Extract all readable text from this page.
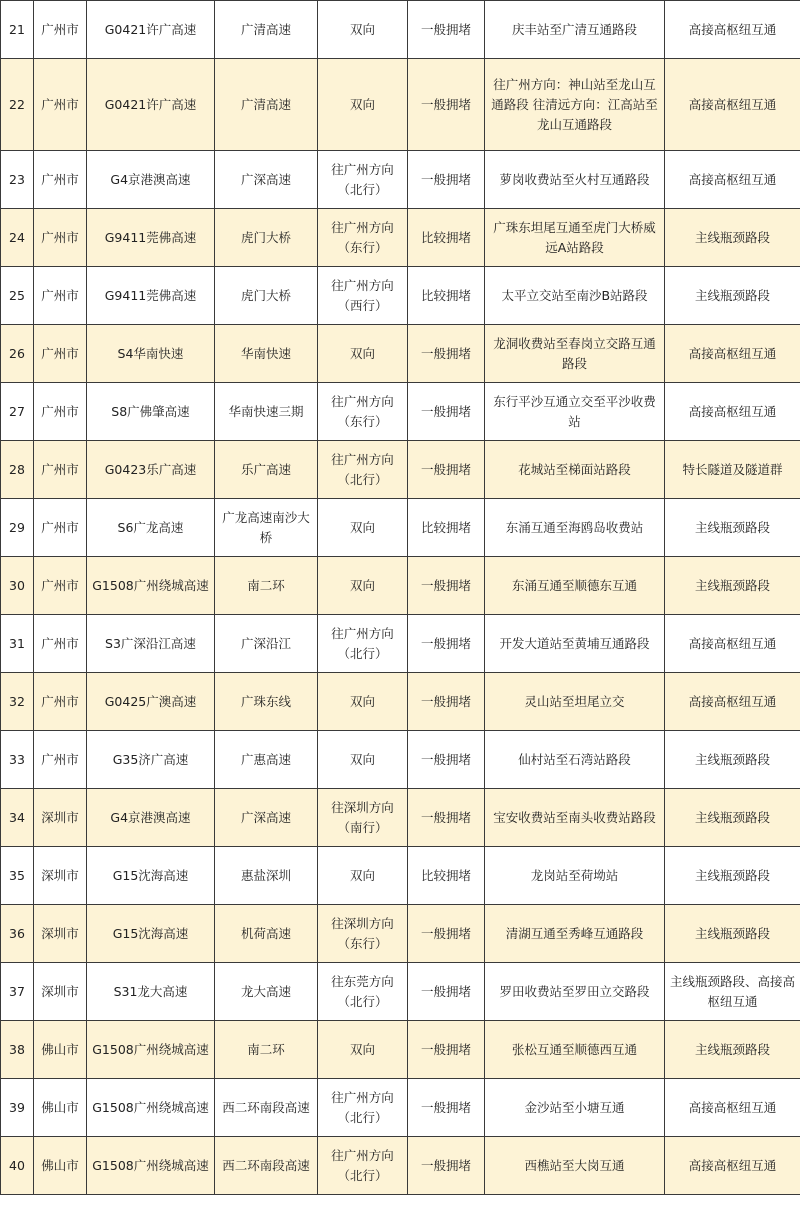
21	广州市	G0421许广高速	广清高速	双向	一般拥堵	庆丰站至广清互通路段	高接高枢纽互通
22	广州市	G0421许广高速	广清高速	双向	一般拥堵	往广州方向：神山站至龙山互通路段 往清远方向：江高站至龙山互通路段	高接高枢纽互通
23	广州市	G4京港澳高速	广深高速	往广州方向（北行）	一般拥堵	萝岗收费站至火村互通路段	高接高枢纽互通
24	广州市	G9411莞佛高速	虎门大桥	往广州方向（东行）	比较拥堵	广珠东坦尾互通至虎门大桥威远A站路段	主线瓶颈路段
25	广州市	G9411莞佛高速	虎门大桥	往广州方向（西行）	比较拥堵	太平立交站至南沙B站路段	主线瓶颈路段
26	广州市	S4华南快速	华南快速	双向	一般拥堵	龙洞收费站至春岗立交路互通路段	高接高枢纽互通
27	广州市	S8广佛肇高速	华南快速三期	往广州方向（东行）	一般拥堵	东行平沙互通立交至平沙收费站	高接高枢纽互通
28	广州市	G0423乐广高速	乐广高速	往广州方向（北行）	一般拥堵	花城站至梯面站路段	特长隧道及隧道群
29	广州市	S6广龙高速	广龙高速南沙大桥	双向	比较拥堵	东涌互通至海鸥岛收费站	主线瓶颈路段
30	广州市	G1508广州绕城高速	南二环	双向	一般拥堵	东涌互通至顺德东互通	主线瓶颈路段
31	广州市	S3广深沿江高速	广深沿江	往广州方向（北行）	一般拥堵	开发大道站至黄埔互通路段	高接高枢纽互通
32	广州市	G0425广澳高速	广珠东线	双向	一般拥堵	灵山站至坦尾立交	高接高枢纽互通
33	广州市	G35济广高速	广惠高速	双向	一般拥堵	仙村站至石湾站路段	主线瓶颈路段
34	深圳市	G4京港澳高速	广深高速	往深圳方向（南行）	一般拥堵	宝安收费站至南头收费站路段	主线瓶颈路段
35	深圳市	G15沈海高速	惠盐深圳	双向	比较拥堵	龙岗站至荷坳站	主线瓶颈路段
36	深圳市	G15沈海高速	机荷高速	往深圳方向（东行）	一般拥堵	清湖互通至秀峰互通路段	主线瓶颈路段
37	深圳市	S31龙大高速	龙大高速	往东莞方向（北行）	一般拥堵	罗田收费站至罗田立交路段	主线瓶颈路段、高接高枢纽互通
38	佛山市	G1508广州绕城高速	南二环	双向	一般拥堵	张松互通至顺德西互通	主线瓶颈路段
39	佛山市	G1508广州绕城高速	西二环南段高速	往广州方向（北行）	一般拥堵	金沙站至小塘互通	高接高枢纽互通
40	佛山市	G1508广州绕城高速	西二环南段高速	往广州方向（北行）	一般拥堵	西樵站至大岗互通	高接高枢纽互通
